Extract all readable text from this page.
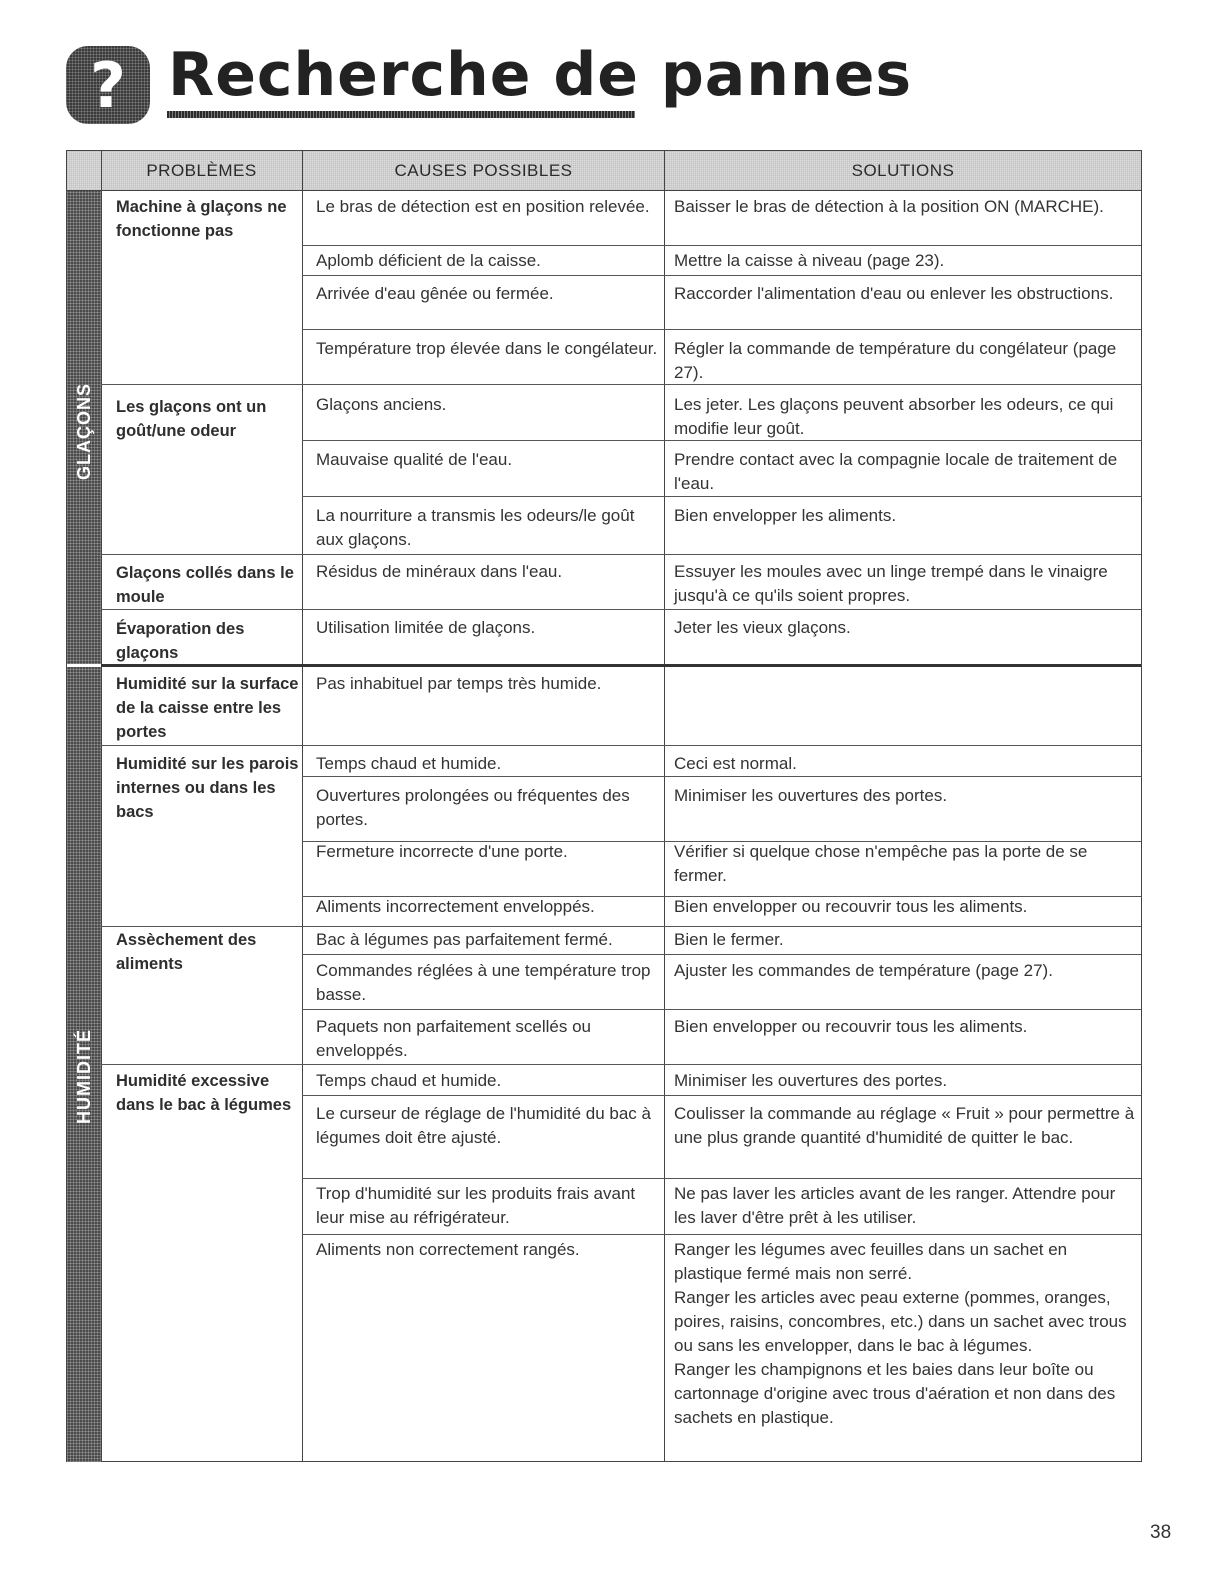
? Recherche de pannes
PROBLÈMES	CAUSES POSSIBLES	SOLUTIONS
GLAÇONS
HUMIDITÉ
Machine à glaçons ne fonctionne pas
Les glaçons ont un goût/une odeur
Glaçons collés dans le moule
Évaporation des glaçons
Humidité sur la surface de la caisse entre les portes
Humidité sur les parois internes ou dans les bacs
Assèchement des aliments
Humidité excessive dans le bac à légumes
Le bras de détection est en position relevée.
Aplomb déficient de la caisse.
Arrivée d'eau gênée ou fermée.
Température trop élevée dans le congélateur.
Glaçons anciens.
Mauvaise qualité de l'eau.
La nourriture a transmis les odeurs/le goût aux glaçons.
Résidus de minéraux dans l'eau.
Utilisation limitée de glaçons.
Pas inhabituel par temps très humide.
Temps chaud et humide.
Ouvertures prolongées ou fréquentes des portes.
Fermeture incorrecte d'une porte.
Aliments incorrectement enveloppés.
Bac à légumes pas parfaitement fermé.
Commandes réglées à une température trop basse.
Paquets non parfaitement scellés ou enveloppés.
Temps chaud et humide.
Le curseur de réglage de l'humidité du bac à légumes doit être ajusté.
Trop d'humidité sur les produits frais avant leur mise au réfrigérateur.
Aliments non correctement rangés.
Baisser le bras de détection à la position ON (MARCHE).
Mettre la caisse à niveau (page 23).
Raccorder l'alimentation d'eau ou enlever les obstructions.
Régler la commande de température du congélateur (page 27).
Les jeter. Les glaçons peuvent absorber les odeurs, ce qui modifie leur goût.
Prendre contact avec la compagnie locale de traitement de l'eau.
Bien envelopper les aliments.
Essuyer les moules avec un linge trempé dans le vinaigre jusqu'à ce qu'ils soient propres.
Jeter les vieux glaçons.
Ceci est normal.
Minimiser les ouvertures des portes.
Vérifier si quelque chose n'empêche pas la porte de se fermer.
Bien envelopper ou recouvrir tous les aliments.
Bien le fermer.
Ajuster les commandes de température (page 27).
Bien envelopper ou recouvrir tous les aliments.
Minimiser les ouvertures des portes.
Coulisser la commande au réglage « Fruit » pour permettre à une plus grande quantité d'humidité de quitter le bac.
Ne pas laver les articles avant de les ranger. Attendre pour les laver d'être prêt à les utiliser.
Ranger les légumes avec feuilles dans un sachet en plastique fermé mais non serré.
Ranger les articles avec peau externe (pommes, oranges, poires, raisins, concombres, etc.) dans un sachet avec trous ou sans les envelopper, dans le bac à légumes.
Ranger les champignons et les baies dans leur boîte ou cartonnage d'origine avec trous d'aération et non dans des sachets en plastique.
38
